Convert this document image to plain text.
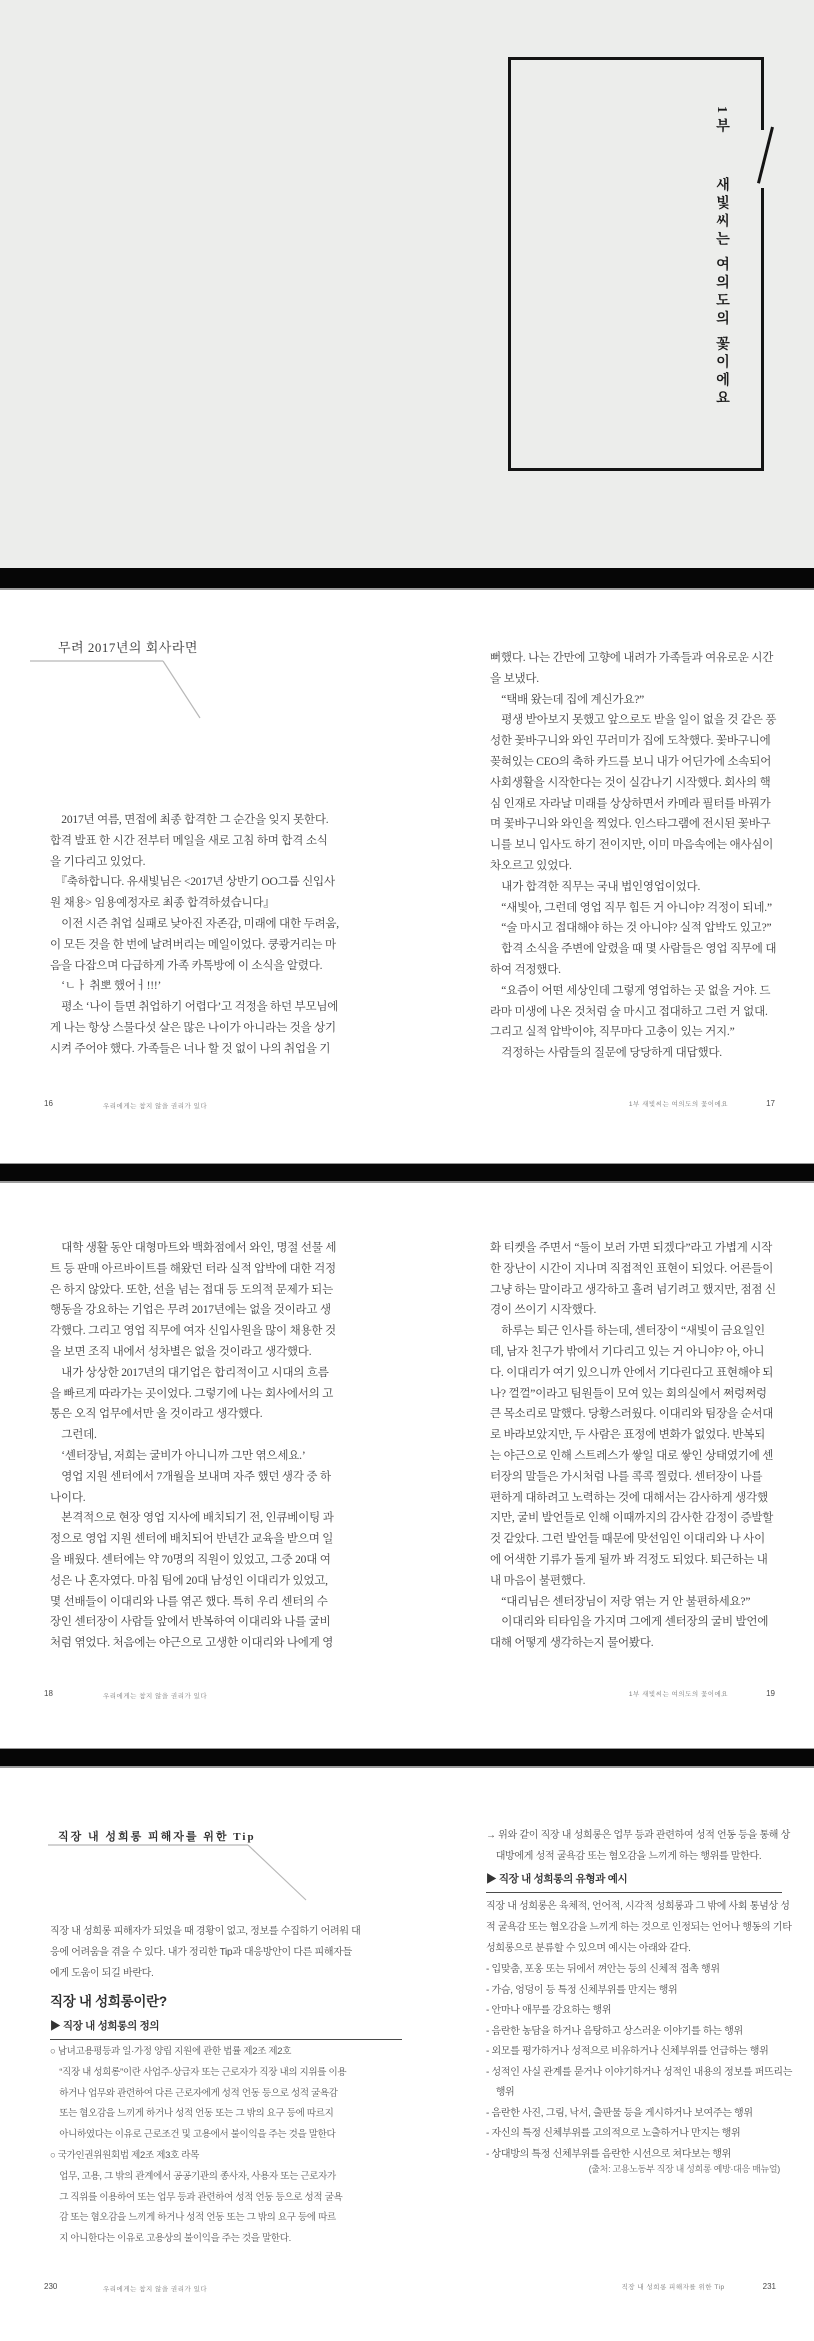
1부 새빛씨는 여의도의 꽃이에요
무려 2017년의 회사라면
　2017년 여름, 면접에 최종 합격한 그 순간을 잊지 못한다.
합격 발표 한 시간 전부터 메일을 새로 고침 하며 합격 소식
을 기다리고 있었다.
　『축하합니다. 유새빛님은 <2017년 상반기 OO그룹 신입사
원 채용> 임용예정자로 최종 합격하셨습니다』
　이전 시즌 취업 실패로 낮아진 자존감, 미래에 대한 두려움,
이 모든 것을 한 번에 날려버리는 메일이었다. 쿵쾅거리는 마
음을 다잡으며 다급하게 가족 카톡방에 이 소식을 알렸다.
　‘ㄴㅏ 취뽀 했어ㅓ!!!’
　평소 ‘나이 들면 취업하기 어렵다’고 걱정을 하던 부모님에
게 나는 항상 스물다섯 살은 많은 나이가 아니라는 것을 상기
시켜 주어야 했다. 가족들은 너나 할 것 없이 나의 취업을 기
16	우리에게는 참지 않을 권리가 있다
뻐했다. 나는 간만에 고향에 내려가 가족들과 여유로운 시간
을 보냈다.
　“택배 왔는데 집에 계신가요?”
　평생 받아보지 못했고 앞으로도 받을 일이 없을 것 같은 풍
성한 꽃바구니와 와인 꾸러미가 집에 도착했다. 꽃바구니에
꽂혀있는 CEO의 축하 카드를 보니 내가 어딘가에 소속되어
사회생활을 시작한다는 것이 실감나기 시작했다. 회사의 핵
심 인재로 자라날 미래를 상상하면서 카메라 필터를 바꿔가
며 꽃바구니와 와인을 찍었다. 인스타그램에 전시된 꽃바구
니를 보니 입사도 하기 전이지만, 이미 마음속에는 애사심이
차오르고 있었다.
　내가 합격한 직무는 국내 법인영업이었다.
　“새빛아, 그런데 영업 직무 힘든 거 아니야? 걱정이 되네.”
　“술 마시고 접대해야 하는 것 아니야? 실적 압박도 있고?”
　합격 소식을 주변에 알렸을 때 몇 사람들은 영업 직무에 대
하여 걱정했다.
　“요즘이 어떤 세상인데 그렇게 영업하는 곳 없을 거야. 드
라마 미생에 나온 것처럼 술 마시고 접대하고 그런 거 없대.
그리고 실적 압박이야, 직무마다 고충이 있는 거지.”
　걱정하는 사람들의 질문에 당당하게 대답했다.
1부 새빛씨는 여의도의 꽃이에요	17
　대학 생활 동안 대형마트와 백화점에서 와인, 명절 선물 세
트 등 판매 아르바이트를 해왔던 터라 실적 압박에 대한 걱정
은 하지 않았다. 또한, 선을 넘는 접대 등 도의적 문제가 되는
행동을 강요하는 기업은 무려 2017년에는 없을 것이라고 생
각했다. 그리고 영업 직무에 여자 신입사원을 많이 채용한 것
을 보면 조직 내에서 성차별은 없을 것이라고 생각했다.
　내가 상상한 2017년의 대기업은 합리적이고 시대의 흐름
을 빠르게 따라가는 곳이었다. 그렇기에 나는 회사에서의 고
통은 오직 업무에서만 올 것이라고 생각했다.
　그런데.
　‘센터장님, 저희는 굴비가 아니니까 그만 엮으세요.’
　영업 지원 센터에서 7개월을 보내며 자주 했던 생각 중 하
나이다.
　본격적으로 현장 영업 지사에 배치되기 전, 인큐베이팅 과
정으로 영업 지원 센터에 배치되어 반년간 교육을 받으며 일
을 배웠다. 센터에는 약 70명의 직원이 있었고, 그중 20대 여
성은 나 혼자였다. 마침 팀에 20대 남성인 이대리가 있었고,
몇 선배들이 이대리와 나를 엮곤 했다. 특히 우리 센터의 수
장인 센터장이 사람들 앞에서 반복하여 이대리와 나를 굴비
처럼 엮었다. 처음에는 야근으로 고생한 이대리와 나에게 영
18	우리에게는 참지 않을 권리가 있다
화 티켓을 주면서 “둘이 보러 가면 되겠다”라고 가볍게 시작
한 장난이 시간이 지나며 직접적인 표현이 되었다. 어른들이
그냥 하는 말이라고 생각하고 흘려 넘기려고 했지만, 점점 신
경이 쓰이기 시작했다.
　하루는 퇴근 인사를 하는데, 센터장이 “새빛이 금요일인
데, 남자 친구가 밖에서 기다리고 있는 거 아니야? 아, 아니
다. 이대리가 여기 있으니까 안에서 기다린다고 표현해야 되
나? 껄껄”이라고 팀원들이 모여 있는 회의실에서 쩌렁쩌렁
큰 목소리로 말했다. 당황스러웠다. 이대리와 팀장을 순서대
로 바라보았지만, 두 사람은 표정에 변화가 없었다. 반복되
는 야근으로 인해 스트레스가 쌓일 대로 쌓인 상태였기에 센
터장의 말들은 가시처럼 나를 콕콕 찔렀다. 센터장이 나를
편하게 대하려고 노력하는 것에 대해서는 감사하게 생각했
지만, 굴비 발언들로 인해 이때까지의 감사한 감정이 증발할
것 같았다. 그런 발언들 때문에 맞선임인 이대리와 나 사이
에 어색한 기류가 돌게 될까 봐 걱정도 되었다. 퇴근하는 내
내 마음이 불편했다.
　“대리님은 센터장님이 저랑 엮는 거 안 불편하세요?”
　이대리와 티타임을 가지며 그에게 센터장의 굴비 발언에
대해 어떻게 생각하는지 물어봤다.
1부 새빛씨는 여의도의 꽃이에요	19
직장 내 성희롱 피해자를 위한 Tip
직장 내 성희롱 피해자가 되었을 때 경황이 없고, 정보를 수집하기 어려워 대
응에 어려움을 겪을 수 있다. 내가 정리한 Tip과 대응방안이 다른 피해자들
에게 도움이 되길 바란다.
직장 내 성희롱이란?
▶ 직장 내 성희롱의 정의
○ 남녀고용평등과 일·가정 양립 지원에 관한 법률 제2조 제2호
　“직장 내 성희롱”이란 사업주·상급자 또는 근로자가 직장 내의 지위를 이용
　하거나 업무와 관련하여 다른 근로자에게 성적 언동 등으로 성적 굴욕감
　또는 혐오감을 느끼게 하거나 성적 언동 또는 그 밖의 요구 등에 따르지
　아니하였다는 이유로 근로조건 및 고용에서 불이익을 주는 것을 말한다
○ 국가인권위원회법 제2조 제3호 라목
　업무, 고용, 그 밖의 관계에서 공공기관의 종사자, 사용자 또는 근로자가
　그 직위를 이용하여 또는 업무 등과 관련하여 성적 언동 등으로 성적 굴욕
　감 또는 혐오감을 느끼게 하거나 성적 언동 또는 그 밖의 요구 등에 따르
　지 아니한다는 이유로 고용상의 불이익을 주는 것을 말한다.
230	우리에게는 참지 않을 권리가 있다
→ 위와 같이 직장 내 성희롱은 업무 등과 관련하여 성적 언동 등을 통해 상
　대방에게 성적 굴욕감 또는 혐오감을 느끼게 하는 행위를 말한다.
▶ 직장 내 성희롱의 유형과 예시
직장 내 성희롱은 육체적, 언어적, 시각적 성희롱과 그 밖에 사회 통념상 성
적 굴욕감 또는 혐오감을 느끼게 하는 것으로 인정되는 언어나 행동의 기타
성희롱으로 분류할 수 있으며 예시는 아래와 같다.
- 입맞춤, 포옹 또는 뒤에서 껴안는 등의 신체적 접촉 행위
- 가슴, 엉덩이 등 특정 신체부위를 만지는 행위
- 안마나 애무를 강요하는 행위
- 음란한 농담을 하거나 음탕하고 상스러운 이야기를 하는 행위
- 외모를 평가하거나 성적으로 비유하거나 신체부위를 언급하는 행위
- 성적인 사실 관계를 묻거나 이야기하거나 성적인 내용의 정보를 퍼뜨리는
　행위
- 음란한 사진, 그림, 낙서, 출판물 등을 게시하거나 보여주는 행위
- 자신의 특정 신체부위를 고의적으로 노출하거나 만지는 행위
- 상대방의 특정 신체부위를 음란한 시선으로 쳐다보는 행위
(출처: 고용노동부 직장 내 성희롱 예방·대응 매뉴얼)
직장 내 성희롱 피해자를 위한 Tip	231
